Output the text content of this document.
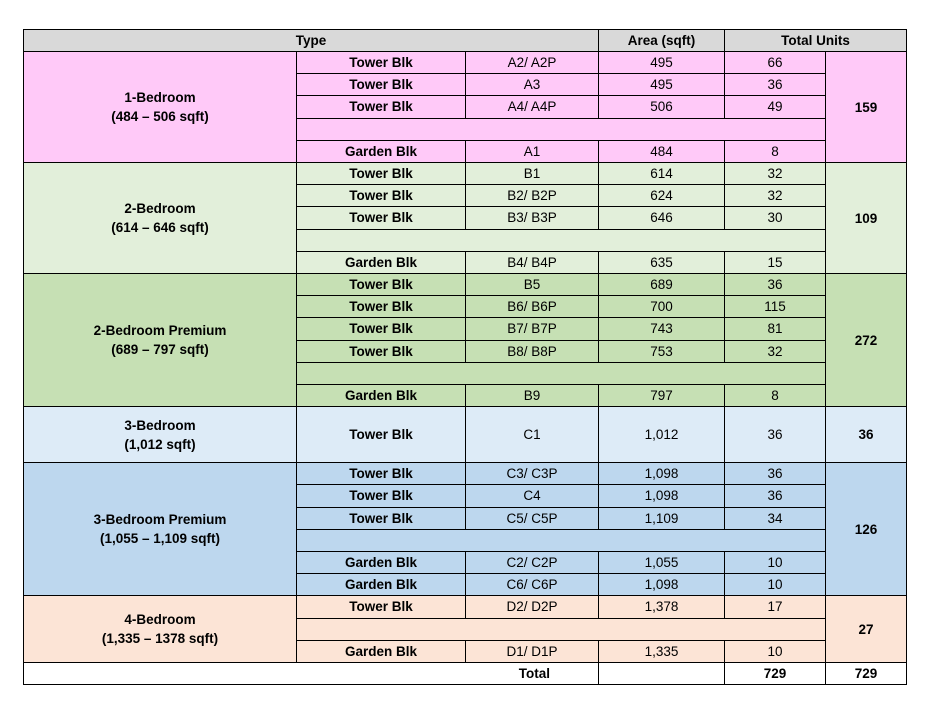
Type	Area (sqft)	Total Units
1-Bedroom
(484 – 506 sqft)
Tower Blk	A2/ A2P	495	66
Tower Blk	A3	495	36
Tower Blk	A4/ A4P	506	49
Garden Blk	A1	484	8
159
2-Bedroom
(614 – 646 sqft)
Tower Blk	B1	614	32
Tower Blk	B2/ B2P	624	32
Tower Blk	B3/ B3P	646	30
Garden Blk	B4/ B4P	635	15
109
2-Bedroom Premium
(689 – 797 sqft)
Tower Blk	B5	689	36
Tower Blk	B6/ B6P	700	115
Tower Blk	B7/ B7P	743	81
Tower Blk	B8/ B8P	753	32
Garden Blk	B9	797	8
272
3-Bedroom
(1,012 sqft)
Tower Blk	C1	1,012	36	36
3-Bedroom Premium
(1,055 – 1,109 sqft)
Tower Blk	C3/ C3P	1,098	36
Tower Blk	C4	1,098	36
Tower Blk	C5/ C5P	1,109	34
Garden Blk	C2/ C2P	1,055	10
Garden Blk	C6/ C6P	1,098	10
126
4-Bedroom
(1,335 – 1378 sqft)
Tower Blk	D2/ D2P	1,378	17
Garden Blk	D1/ D1P	1,335	10
27
Total	729	729
